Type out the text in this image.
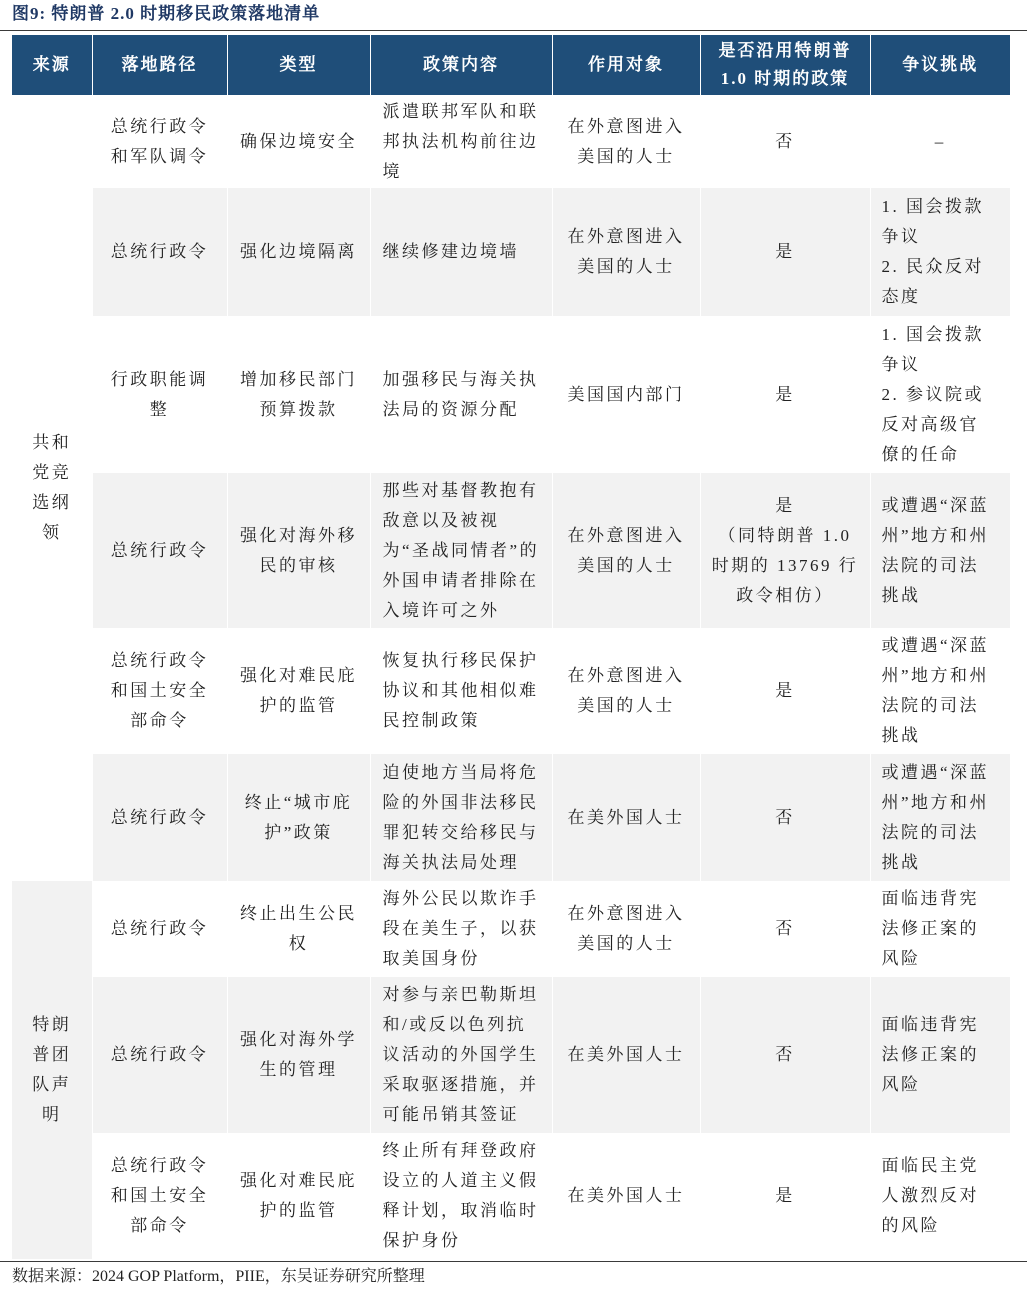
图9: 特朗普 2.0 时期移民政策落地清单
来源	落地路径	类型	政策内容	作用对象	是否沿用特朗普 1.0 时期的政策	争议挑战

共和党竞选纲领	总统行政令和军队调令	确保边境安全	派遣联邦军队和联邦执法机构前往边境	在外意图进入美国的人士	否	–

	总统行政令	强化边境隔离	继续修建边境墙	在外意图进入美国的人士	是	1. 国会拨款争议
2. 民众反对态度

	行政职能调整	增加移民部门预算拨款	加强移民与海关执法局的资源分配	美国国内部门	是	1. 国会拨款争议
2. 参议院或反对高级官僚的任命

	总统行政令	强化对海外移民的审核	那些对基督教抱有敌意以及被视为“圣战同情者”的外国申请者排除在入境许可之外	在外意图进入美国的人士	是
（同特朗普 1.0 时期的 13769 行政令相仿）	或遭遇“深蓝州”地方和州法院的司法挑战

	总统行政令和国土安全部命令	强化对难民庇护的监管	恢复执行移民保护协议和其他相似难民控制政策	在外意图进入美国的人士	是	或遭遇“深蓝州”地方和州法院的司法挑战

	总统行政令	终止“城市庇护”政策	迫使地方当局将危险的外国非法移民罪犯转交给移民与海关执法局处理	在美外国人士	否	或遭遇“深蓝州”地方和州法院的司法挑战

特朗普团队声明	总统行政令	终止出生公民权	海外公民以欺诈手段在美生子，以获取美国身份	在外意图进入美国的人士	否	面临违背宪法修正案的风险

	总统行政令	强化对海外学生的管理	对参与亲巴勒斯坦和/或反以色列抗议活动的外国学生采取驱逐措施，并可能吊销其签证	在美外国人士	否	面临违背宪法修正案的风险

	总统行政令和国土安全部命令	强化对难民庇护的监管	终止所有拜登政府设立的人道主义假释计划，取消临时保护身份	在美外国人士	是	面临民主党人激烈反对的风险
数据来源：2024 GOP Platform，PIIE，东吴证券研究所整理
